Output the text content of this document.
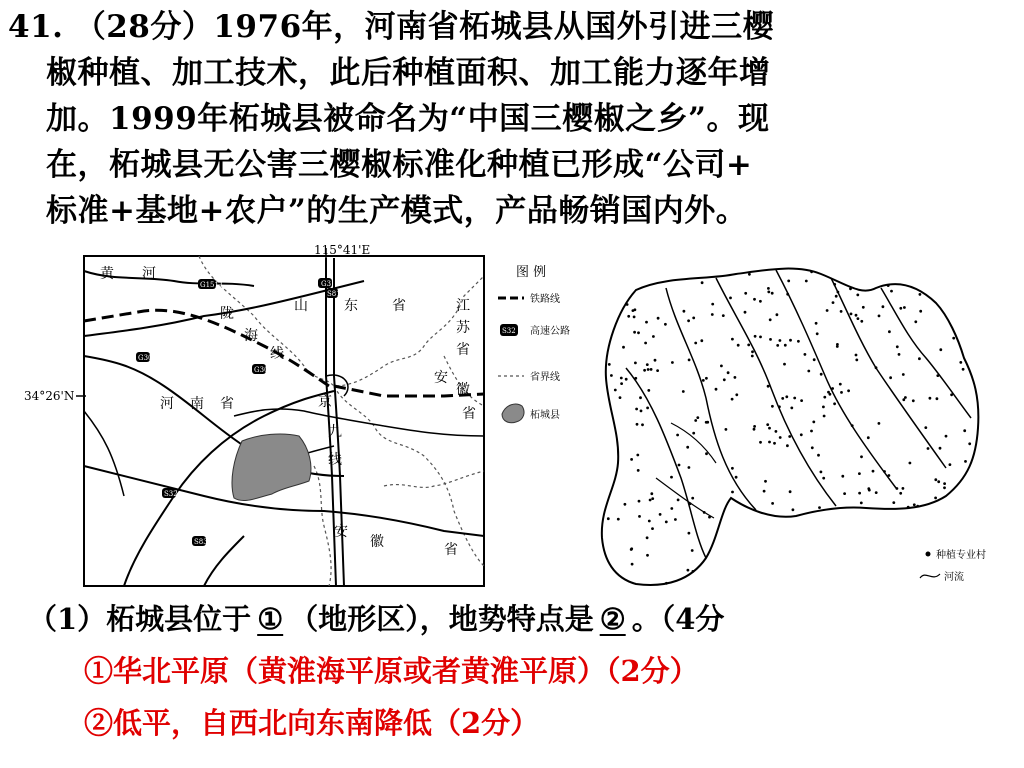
41. （28分）1976年，河南省柘城县从国外引进三樱
椒种植、加工技术，此后种植面积、加工能力逐年增
加。1999年柘城县被命名为“中国三樱椒之乡”。现
在，柘城县无公害三樱椒标准化种植已形成“公司+
标准+基地+农户”的生产模式，产品畅销国内外。
115°41'E
34°26'N
G1511	G3
G30
G30
S32
S83
S81
黄 河
陇
海
线
山	东 省	江
苏
省
安
徽
省
河 南 省	京
九
线
安
徽	省
图 例
铁路线
S32 高速公路
省界线
柘城县
种植专业村
河流
（1）柘城县位于 ① （地形区），地势特点是 ② 。（4分
①华北平原（黄淮海平原或者黄淮平原）（2分）
②低平，自西北向东南降低（2分）
